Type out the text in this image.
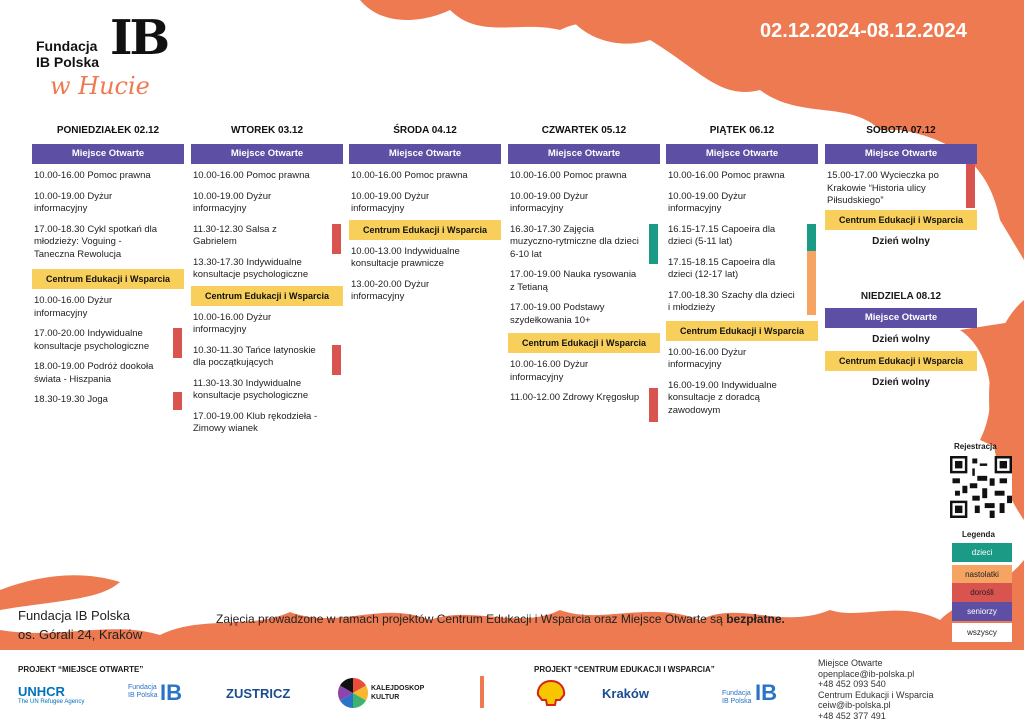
Fundacja
IB Polska IB
w Hucie
02.12.2024-08.12.2024
PONIEDZIAŁEK 02.12
Miejsce Otwarte
10.00-16.00 Pomoc prawna
10.00-19.00 Dyżur informacyjny
17.00-18.30 Cykl spotkań dla młodzieży: Voguing - Taneczna Rewolucja
Centrum Edukacji i Wsparcia
10.00-16.00 Dyżur informacyjny
17.00-20.00 Indywidualne konsultacje psychologiczne
18.00-19.00 Podróż dookoła świata - Hiszpania
18.30-19.30 Joga
WTOREK 03.12
Miejsce Otwarte
10.00-16.00 Pomoc prawna
10.00-19.00 Dyżur informacyjny
11.30-12.30 Salsa z Gabrielem
13.30-17.30 Indywidualne konsultacje psychologiczne
Centrum Edukacji i Wsparcia
10.00-16.00 Dyżur informacyjny
10.30-11.30 Tańce latynoskie dla początkujących
11.30-13.30 Indywidualne konsultacje psychologiczne
17.00-19.00 Klub rękodzieła - Zimowy wianek
ŚRODA 04.12
Miejsce Otwarte
10.00-16.00 Pomoc prawna
10.00-19.00 Dyżur informacyjny
Centrum Edukacji i Wsparcia
10.00-13.00 Indywidualne konsultacje prawnicze
13.00-20.00 Dyżur informacyjny
CZWARTEK 05.12
Miejsce Otwarte
10.00-16.00 Pomoc prawna
10.00-19.00 Dyżur informacyjny
16.30-17.30 Zajęcia muzyczno-rytmiczne dla dzieci 6-10 lat
17.00-19.00 Nauka rysowania z Tetianą
17.00-19.00 Podstawy szydełkowania 10+
Centrum Edukacji i Wsparcia
10.00-16.00 Dyżur informacyjny
11.00-12.00 Zdrowy Kręgosłup
PIĄTEK 06.12
Miejsce Otwarte
10.00-16.00 Pomoc prawna
10.00-19.00 Dyżur informacyjny
16.15-17.15 Capoeira dla dzieci (5-11 lat)
17.15-18.15 Capoeira dla dzieci (12-17 lat)
17.00-18.30 Szachy dla dzieci i młodzieży
Centrum Edukacji i Wsparcia
10.00-16.00 Dyżur informacyjny
16.00-19.00 Indywidualne konsultacje z doradcą zawodowym
SOBOTA 07.12
Miejsce Otwarte
15.00-17.00 Wycieczka po Krakowie “Historia ulicy Piłsudskiego”
Centrum Edukacji i Wsparcia
Dzień wolny
NIEDZIELA 08.12
Miejsce Otwarte
Dzień wolny
Centrum Edukacji i Wsparcia
Dzień wolny
Rejestracja
Legenda
dzieci
nastolatki
dorośli
seniorzy
wszyscy
Fundacja IB Polska
os. Górali 24, Kraków
Zajęcia prowadzone w ramach projektów Centrum Edukacji i Wsparcia oraz Miejsce Otwarte są bezpłatne.
PROJEKT “MIEJSCE OTWARTE”	PROJEKT “CENTRUM EDUKACJI I WSPARCIA”
UNHCR
The UN Refugee Agency
Fundacja
IB Polska IB	ZUSTRICZ	KALEJDOSKOP
KULTUR	Kraków	Fundacja
IB Polska IB
Miejsce Otwarte
openplace@ib-polska.pl
+48 452 093 540
Centrum Edukacji i Wsparcia
ceiw@ib-polska.pl
+48 452 377 491
